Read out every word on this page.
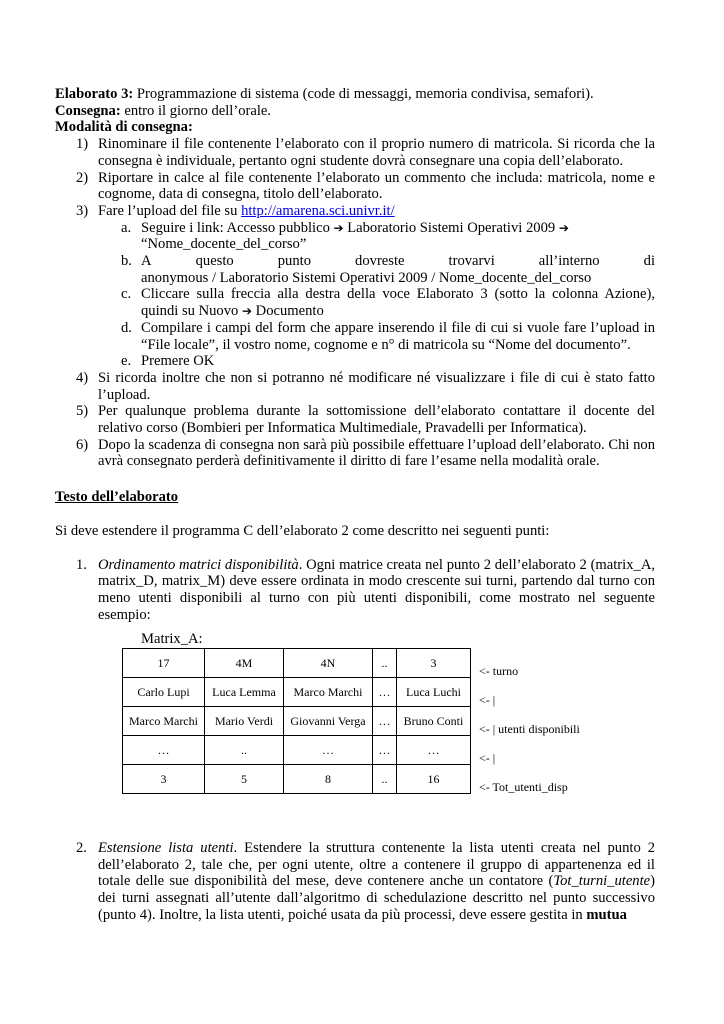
Elaborato 3: Programmazione di sistema (code di messaggi, memoria condivisa, semafori).

Consegna: entro il giorno dell’orale.

Modalità di consegna:

1) Rinominare il file contenente l’elaborato con il proprio numero di matricola. Si ricorda che la consegna è individuale, pertanto ogni studente dovrà consegnare una copia dell’elaborato.
2) Riportare in calce al file contenente l’elaborato un commento che includa: matricola, nome e cognome, data di consegna, titolo dell’elaborato.
3) Fare l’upload del file su http://amarena.sci.univr.it/
a. Seguire i link: Accesso pubblico ➔ Laboratorio Sistemi Operativi 2009 ➔
“Nome_docente_del_corso”
b. A	questo	punto	dovreste	trovarvi	all’interno	di
anonymous / Laboratorio Sistemi Operativi 2009 / Nome_docente_del_corso
c. Cliccare sulla freccia alla destra della voce Elaborato 3 (sotto la colonna Azione), quindi su Nuovo ➔ Documento
d. Compilare i campi del form che appare inserendo il file di cui si vuole fare l’upload in “File locale”, il vostro nome, cognome e n° di matricola su “Nome del documento”.
e. Premere OK
4) Si ricorda inoltre che non si potranno né modificare né visualizzare i file di cui è stato fatto l’upload.
5) Per qualunque problema durante la sottomissione dell’elaborato contattare il docente del relativo corso (Bombieri per Informatica Multimediale, Pravadelli per Informatica).
6) Dopo la scadenza di consegna non sarà più possibile effettuare l’upload dell’elaborato. Chi non avrà consegnato perderà definitivamente il diritto di fare l’esame nella modalità orale.

Testo dell’elaborato

Si deve estendere il programma C dell’elaborato 2 come descritto nei seguenti punti:

1. Ordinamento matrici disponibilità. Ogni matrice creata nel punto 2 dell’elaborato 2 (matrix_A, matrix_D, matrix_M) deve essere ordinata in modo crescente sui turni, partendo dal turno con meno utenti disponibili al turno con più utenti disponibili, come mostrato nel seguente esempio:
Matrix_A:
17	4M	4N	..	3
Carlo Lupi	Luca Lemma	Marco Marchi	…	Luca Luchi
Marco Marchi	Mario Verdi	Giovanni Verga	…	Bruno Conti
…	..	…	…	…
3	5	8	..	16
<- turno
<- |
<- | utenti disponibili
<- |
<- Tot_utenti_disp
2. Estensione lista utenti. Estendere la struttura contenente la lista utenti creata nel punto 2 dell’elaborato 2, tale che, per ogni utente, oltre a contenere il gruppo di appartenenza ed il totale delle sue disponibilità del mese, deve contenere anche un contatore (Tot_turni_utente) dei turni assegnati all’utente dall’algoritmo di schedulazione descritto nel punto successivo (punto 4). Inoltre, la lista utenti, poiché usata da più processi, deve essere gestita in mutua
